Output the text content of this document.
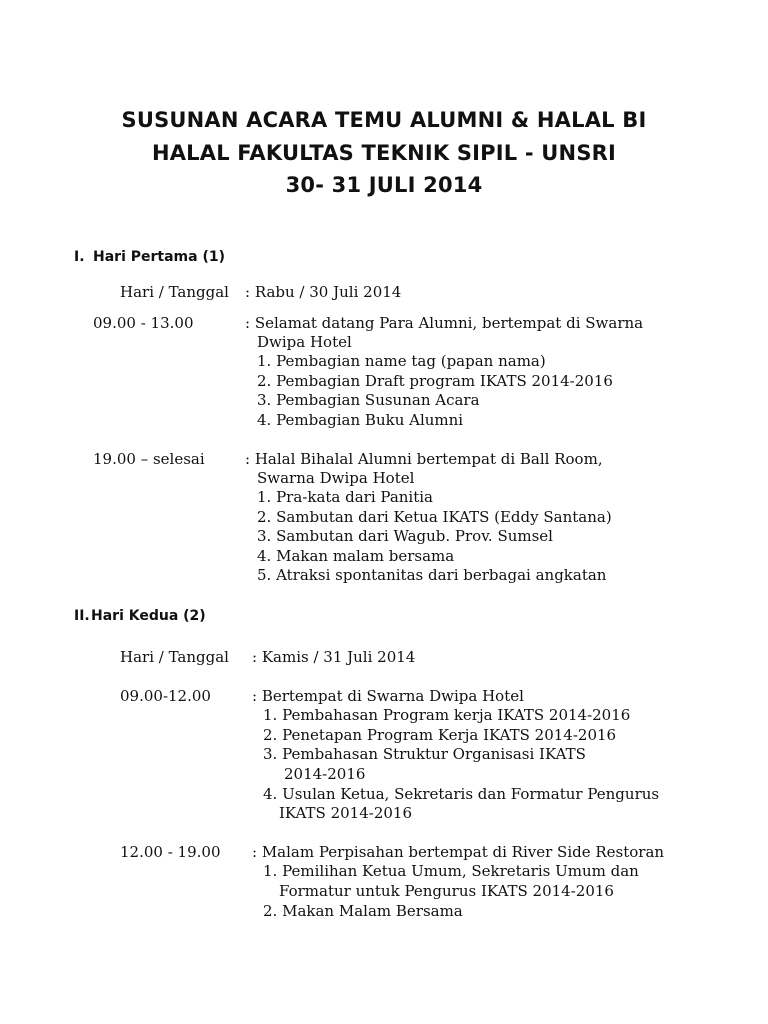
SUSUNAN ACARA TEMU ALUMNI & HALAL BI
HALAL FAKULTAS TEKNIK SIPIL - UNSRI
30- 31 JULI 2014
I. Hari Pertama (1)
Hari / Tanggal : Rabu / 30 Juli 2014
09.00 - 13.00	: Selamat datang Para Alumni, bertempat di Swarna
Dwipa Hotel
1. Pembagian name tag (papan nama)
2. Pembagian Draft program IKATS 2014-2016
3. Pembagian Susunan Acara
4. Pembagian Buku Alumni
19.00 – selesai	: Halal Bihalal Alumni bertempat di Ball Room,
Swarna Dwipa Hotel
1. Pra-kata dari Panitia
2. Sambutan dari Ketua IKATS (Eddy Santana)
3. Sambutan dari Wagub. Prov. Sumsel
4. Makan malam bersama
5. Atraksi spontanitas dari berbagai angkatan
II. Hari Kedua (2)
Hari / Tanggal : Kamis / 31 Juli 2014
09.00-12.00	: Bertempat di Swarna Dwipa Hotel
1. Pembahasan Program kerja IKATS 2014-2016
2. Penetapan Program Kerja IKATS 2014-2016
3. Pembahasan Struktur Organisasi IKATS
2014-2016
4. Usulan Ketua, Sekretaris dan Formatur Pengurus
IKATS 2014-2016
12.00 - 19.00 : Malam Perpisahan bertempat di River Side Restoran
1. Pemilihan Ketua Umum, Sekretaris Umum dan
Formatur untuk Pengurus IKATS 2014-2016
2. Makan Malam Bersama
